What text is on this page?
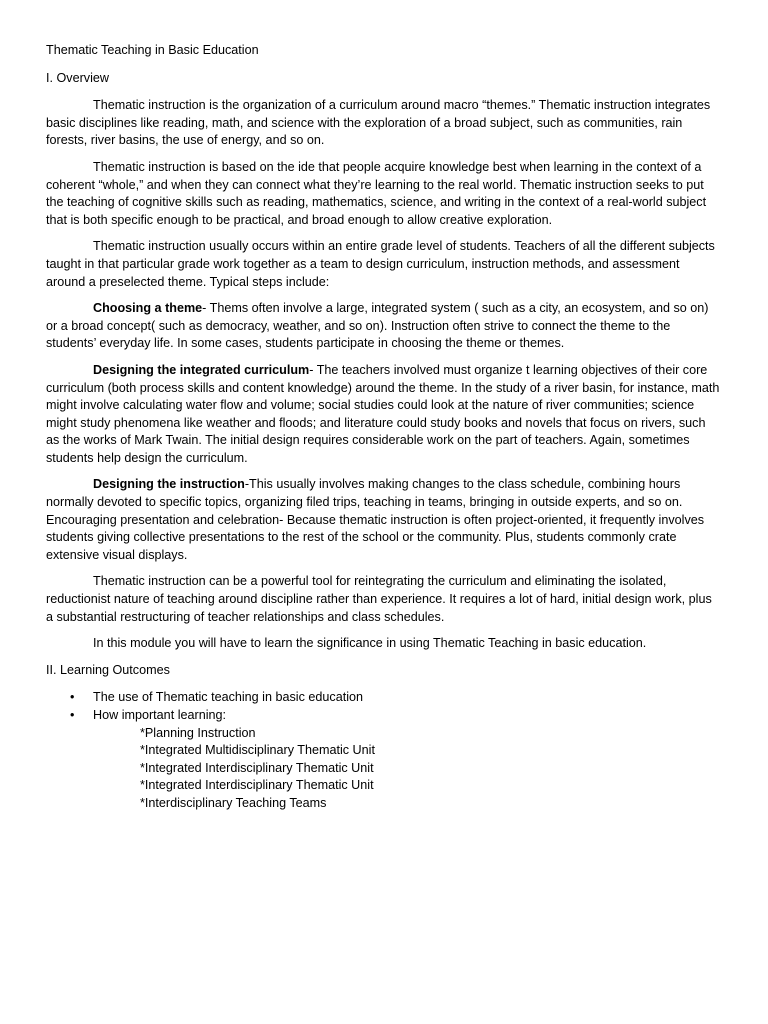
Thematic Teaching in Basic Education
I. Overview

Thematic instruction is the organization of a curriculum around macro “themes.” Thematic instruction integrates basic disciplines like reading, math, and science with the exploration of a broad subject, such as communities, rain forests, river basins, the use of energy, and so on.

Thematic instruction is based on the ide that people acquire knowledge best when learning in the context of a coherent “whole,” and when they can connect what they’re learning to the real world. Thematic instruction seeks to put the teaching of cognitive skills such as reading, mathematics, science, and writing in the context of a real-world subject that is both specific enough to be practical, and broad enough to allow creative exploration.

Thematic instruction usually occurs within an entire grade level of students. Teachers of all the different subjects taught in that particular grade work together as a team to design curriculum, instruction methods, and assessment around a preselected theme. Typical steps include:

Choosing a theme- Thems often involve a large, integrated system ( such as a city, an ecosystem, and so on) or a broad concept( such as democracy, weather, and so on). Instruction often strive to connect the theme to the students’ everyday life. In some cases, students participate in choosing the theme or themes.

Designing the integrated curriculum- The teachers involved must organize t learning objectives of their core curriculum (both process skills and content knowledge) around the theme. In the study of a river basin, for instance, math might involve calculating water flow and volume; social studies could look at the nature of river communities; science might study phenomena like weather and floods; and literature could study books and novels that focus on rivers, such as the works of Mark Twain. The initial design requires considerable work on the part of teachers. Again, sometimes students help design the curriculum.

Designing the instruction-This usually involves making changes to the class schedule, combining hours normally devoted to specific topics, organizing filed trips, teaching in teams, bringing in outside experts, and so on. Encouraging presentation and celebration- Because thematic instruction is often project-oriented, it frequently involves students giving collective presentations to the rest of the school or the community. Plus, students commonly crate extensive visual displays.

Thematic instruction can be a powerful tool for reintegrating the curriculum and eliminating the isolated, reductionist nature of teaching around discipline rather than experience. It requires a lot of hard, initial design work, plus a substantial restructuring of teacher relationships and class schedules.

In this module you will have to learn the significance in using Thematic Teaching in basic education.

II. Learning Outcomes
• The use of Thematic teaching in basic education
• How important learning:
*Planning Instruction
*Integrated Multidisciplinary Thematic Unit
*Integrated Interdisciplinary Thematic Unit
*Integrated Interdisciplinary Thematic Unit
*Interdisciplinary Teaching Teams
